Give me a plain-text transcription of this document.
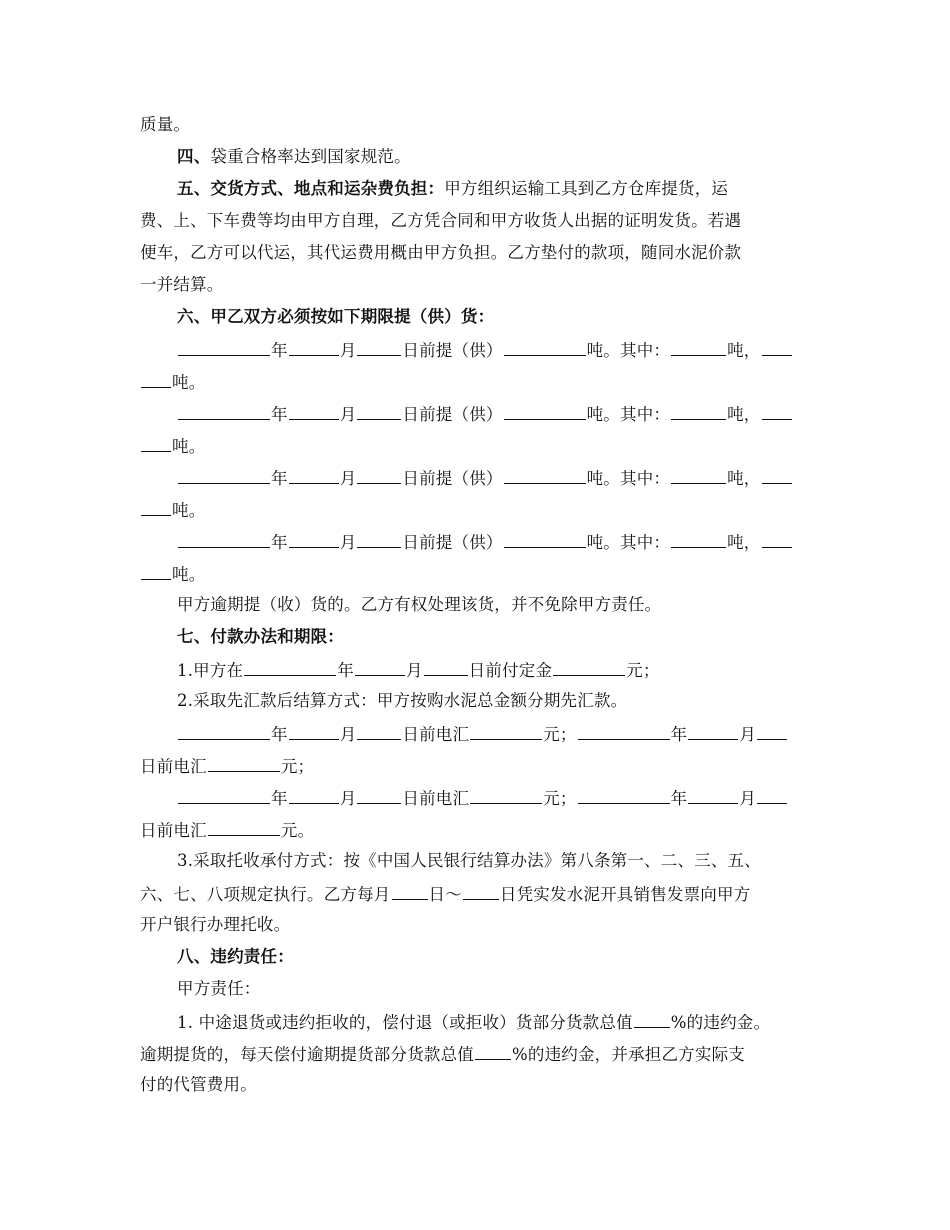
质量。
四、袋重合格率达到国家规范。
五、交货方式、地点和运杂费负担：甲方组织运输工具到乙方仓库提货，运
费、上、下车费等均由甲方自理，乙方凭合同和甲方收货人出据的证明发货。若遇
便车，乙方可以代运，其代运费用概由甲方负担。乙方垫付的款项，随同水泥价款
一并结算。
六、甲乙双方必须按如下期限提（供）货：
年	月	日前提（供）	吨。其中：	吨，
吨。
年	月	日前提（供）	吨。其中：	吨，
吨。
年	月	日前提（供）	吨。其中：	吨，
吨。
年	月	日前提（供）	吨。其中：	吨，
吨。
甲方逾期提（收）货的。乙方有权处理该货，并不免除甲方责任。
七、付款办法和期限：
1.甲方在	年	月	日前付定金	元；
2.采取先汇款后结算方式：甲方按购水泥总金额分期先汇款。
年	月	日前电汇	元；	年	月
日前电汇	元；
年	月	日前电汇	元；	年	月
日前电汇	元。
3.采取托收承付方式：按《中国人民银行结算办法》第八条第一、二、三、五、
六、七、八项规定执行。乙方每月 日～ 日凭实发水泥开具销售发票向甲方
开户银行办理托收。
八、违约责任：
甲方责任：
1. 中途退货或违约拒收的，偿付退（或拒收）货部分货款总值 %的违约金。
逾期提货的，每天偿付逾期提货部分货款总值 %的违约金，并承担乙方实际支
付的代管费用。
